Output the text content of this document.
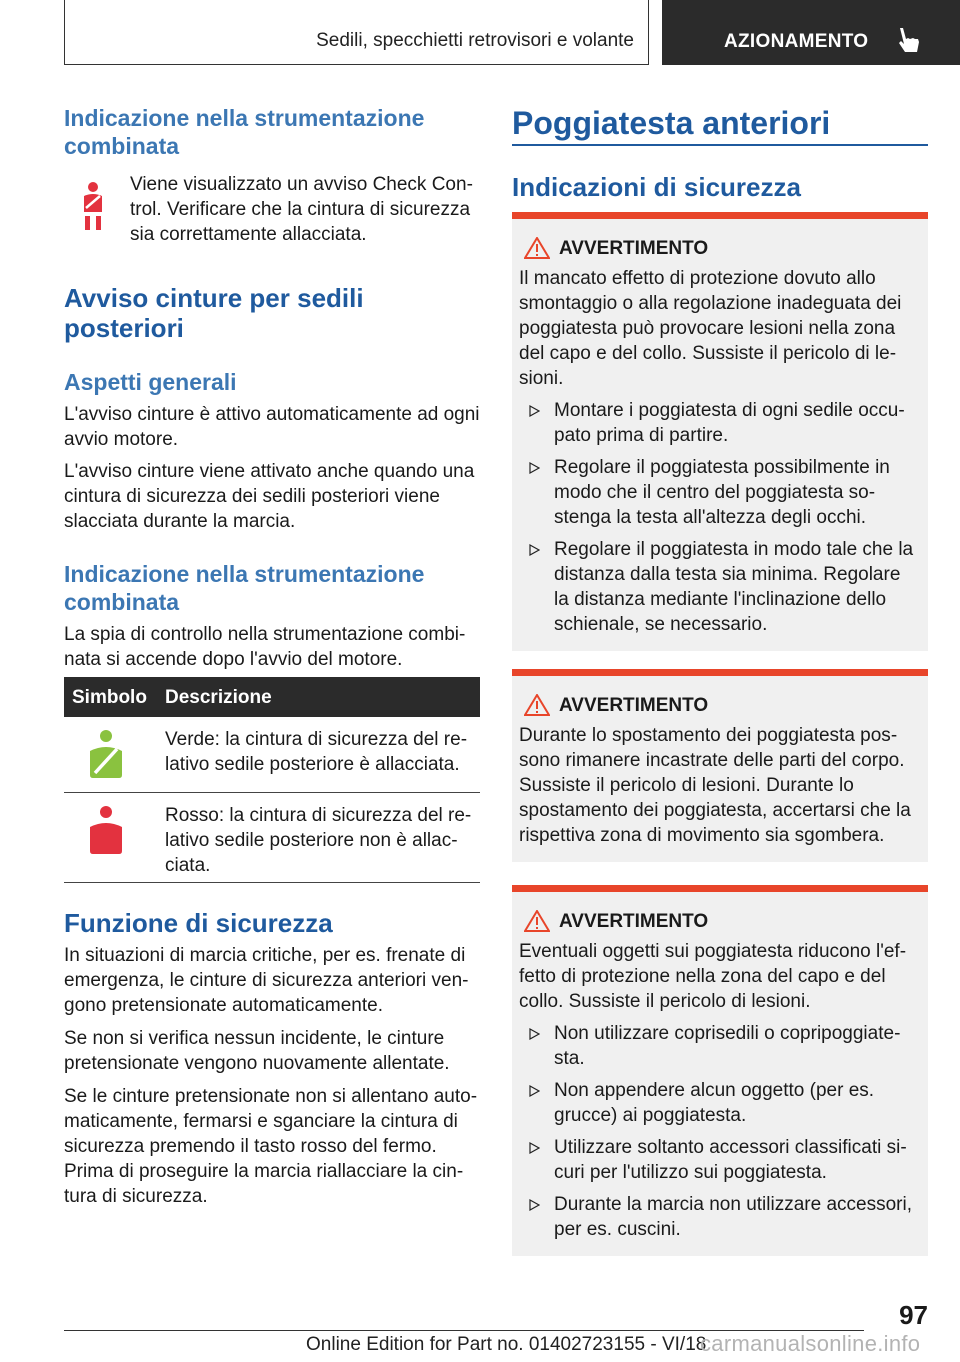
Sedili, specchietti retrovisori e volante	AZIONAMENTO
Indicazione nella strumentazione combinata

Viene visualizzato un avviso Check Control. Verificare che la cintura di sicurezza sia correttamente allacciata.

Avviso cinture per sedili posteriori
Aspetti generali

L'avviso cinture è attivo automaticamente ad ogni avvio motore.

L'avviso cinture viene attivato anche quando una cintura di sicurezza dei sedili posteriori viene slacciata durante la marcia.

Indicazione nella strumentazione combinata

La spia di controllo nella strumentazione combinata si accende dopo l'avvio del motore.

Simbolo Descrizione

Verde: la cintura di sicurezza del relativo sedile posteriore è allacciata.

Rosso: la cintura di sicurezza del relativo sedile posteriore non è allacciata.

Funzione di sicurezza

In situazioni di marcia critiche, per es. frenate di emergenza, le cinture di sicurezza anteriori vengono pretensionate automaticamente.

Se non si verifica nessun incidente, le cinture pretensionate vengono nuovamente allentate.

Se le cinture pretensionate non si allentano automaticamente, fermarsi e sganciare la cintura di sicurezza premendo il tasto rosso del fermo. Prima di proseguire la marcia riallacciare la cintura di sicurezza.

Poggiatesta anteriori
Indicazioni di sicurezza
AVVERTIMENTO

Il mancato effetto di protezione dovuto allo smontaggio o alla regolazione inadeguata dei poggiatesta può provocare lesioni nella zona del capo e del collo. Sussiste il pericolo di lesioni.

Montare i poggiatesta di ogni sedile occupato prima di partire.
Regolare il poggiatesta possibilmente in modo che il centro del poggiatesta sostenga la testa all'altezza degli occhi.
Regolare il poggiatesta in modo tale che la distanza dalla testa sia minima. Regolare la distanza mediante l'inclinazione dello schienale, se necessario.
AVVERTIMENTO

Durante lo spostamento dei poggiatesta possono rimanere incastrate delle parti del corpo. Sussiste il pericolo di lesioni. Durante lo spostamento dei poggiatesta, accertarsi che la rispettiva zona di movimento sia sgombera.

AVVERTIMENTO

Eventuali oggetti sui poggiatesta riducono l'effetto di protezione nella zona del capo e del collo. Sussiste il pericolo di lesioni.

Non utilizzare coprisedili o copripoggiatesta.
Non appendere alcun oggetto (per es. grucce) ai poggiatesta.
Utilizzare soltanto accessori classificati sicuri per l'utilizzo sui poggiatesta.
Durante la marcia non utilizzare accessori, per es. cuscini.
97
Online Edition for Part no. 01402723155 - VI/18
carmanualsonline.info
